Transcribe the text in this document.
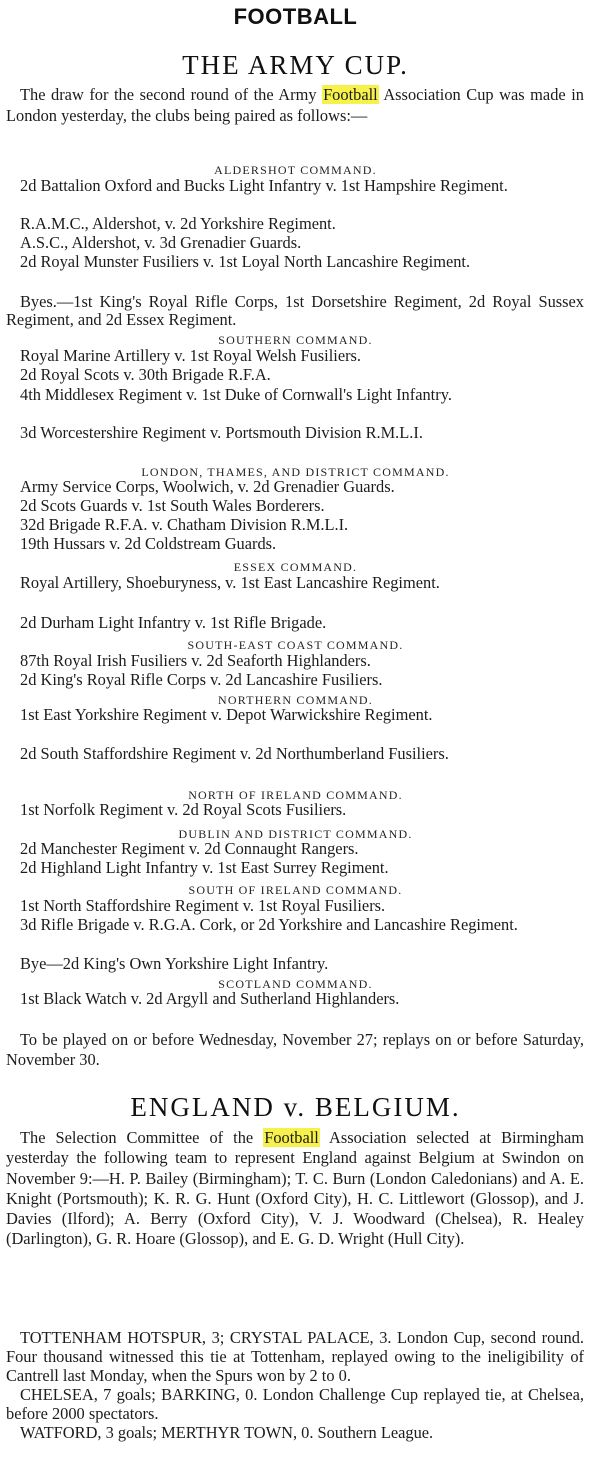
FOOTBALL
THE ARMY CUP.
The draw for the second round of the Army Football Association Cup was made in London yesterday, the clubs being paired as follows:—
ALDERSHOT COMMAND.
2d Battalion Oxford and Bucks Light Infantry v. 1st Hampshire Regiment.
R.A.M.C., Aldershot, v. 2d Yorkshire Regiment.
A.S.C., Aldershot, v. 3d Grenadier Guards.
2d Royal Munster Fusiliers v. 1st Loyal North Lancashire Regiment.
Byes.—1st King's Royal Rifle Corps, 1st Dorsetshire Regiment, 2d Royal Sussex Regiment, and 2d Essex Regiment.
SOUTHERN COMMAND.
Royal Marine Artillery v. 1st Royal Welsh Fusiliers.
2d Royal Scots v. 30th Brigade R.F.A.
4th Middlesex Regiment v. 1st Duke of Cornwall's Light Infantry.
3d Worcestershire Regiment v. Portsmouth Division R.M.L.I.
LONDON, THAMES, AND DISTRICT COMMAND.
Army Service Corps, Woolwich, v. 2d Grenadier Guards.
2d Scots Guards v. 1st South Wales Borderers.
32d Brigade R.F.A. v. Chatham Division R.M.L.I.
19th Hussars v. 2d Coldstream Guards.
ESSEX COMMAND.
Royal Artillery, Shoeburyness, v. 1st East Lancashire Regiment.
2d Durham Light Infantry v. 1st Rifle Brigade.
SOUTH-EAST COAST COMMAND.
87th Royal Irish Fusiliers v. 2d Seaforth Highlanders.
2d King's Royal Rifle Corps v. 2d Lancashire Fusiliers.
NORTHERN COMMAND.
1st East Yorkshire Regiment v. Depot Warwickshire Regiment.
2d South Staffordshire Regiment v. 2d Northumberland Fusiliers.
NORTH OF IRELAND COMMAND.
1st Norfolk Regiment v. 2d Royal Scots Fusiliers.
DUBLIN AND DISTRICT COMMAND.
2d Manchester Regiment v. 2d Connaught Rangers.
2d Highland Light Infantry v. 1st East Surrey Regiment.
SOUTH OF IRELAND COMMAND.
1st North Staffordshire Regiment v. 1st Royal Fusiliers.
3d Rifle Brigade v. R.G.A. Cork, or 2d Yorkshire and Lancashire Regiment.
Bye—2d King's Own Yorkshire Light Infantry.
SCOTLAND COMMAND.
1st Black Watch v. 2d Argyll and Sutherland Highlanders.
To be played on or before Wednesday, November 27; replays on or before Saturday, November 30.
ENGLAND v. BELGIUM.
The Selection Committee of the Football Association selected at Birmingham yesterday the following team to represent England against Belgium at Swindon on November 9:—H. P. Bailey (Birmingham); T. C. Burn (London Caledonians) and A. E. Knight (Portsmouth); K. R. G. Hunt (Oxford City), H. C. Littlewort (Glossop), and J. Davies (Ilford); A. Berry (Oxford City), V. J. Woodward (Chelsea), R. Healey (Darlington), G. R. Hoare (Glossop), and E. G. D. Wright (Hull City).
TOTTENHAM HOTSPUR, 3; CRYSTAL PALACE, 3. London Cup, second round. Four thousand witnessed this tie at Tottenham, replayed owing to the ineligibility of Cantrell last Monday, when the Spurs won by 2 to 0.
CHELSEA, 7 goals; BARKING, 0. London Challenge Cup replayed tie, at Chelsea, before 2000 spectators.
WATFORD, 3 goals; MERTHYR TOWN, 0. Southern League.
